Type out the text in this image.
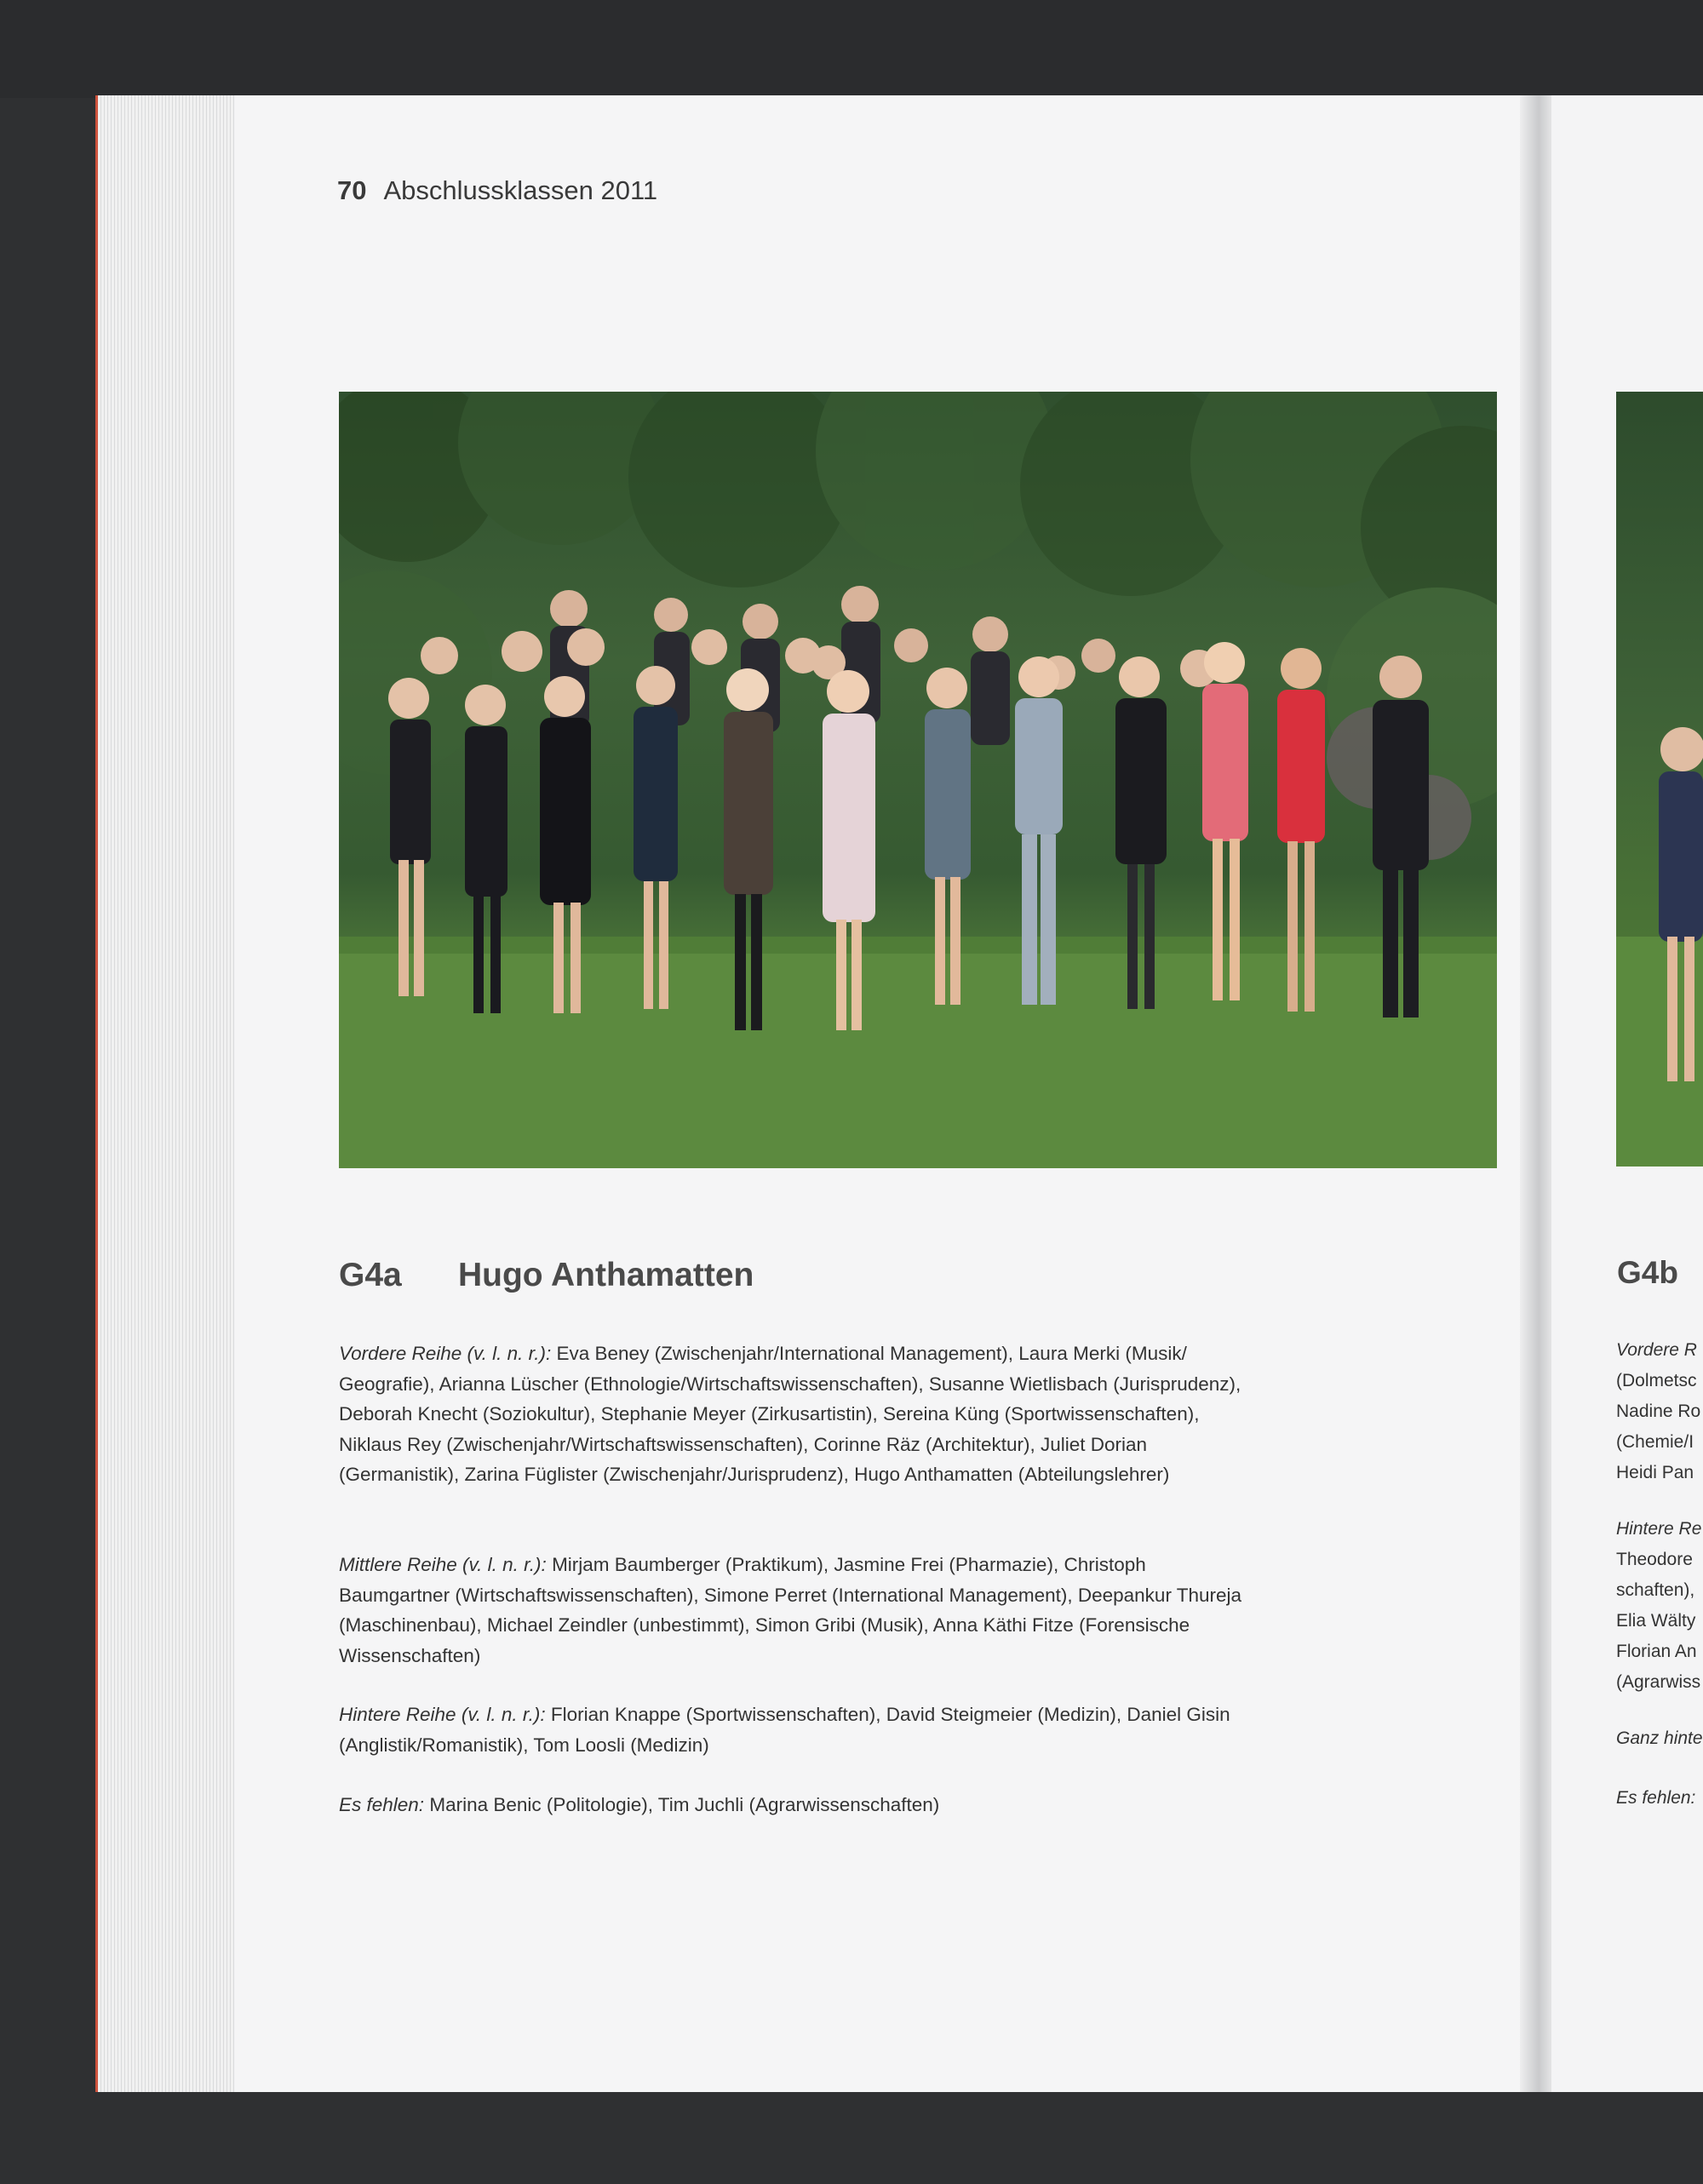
70 Abschlussklassen 2011
G4a Hugo Anthamatten
Vordere Reihe (v. l. n. r.): Eva Beney (Zwischenjahr/International Management), Laura Merki (Musik/ Geografie), Arianna Lüscher (Ethnologie/Wirtschaftswissenschaften), Susanne Wietlisbach (Jurisprudenz), Deborah Knecht (Soziokultur), Stephanie Meyer (Zirkusartistin), Sereina Küng (Sportwissenschaften), Niklaus Rey (Zwischenjahr/Wirtschaftswissenschaften), Corinne Räz (Architektur), Juliet Dorian (Germanistik), Zarina Füglister (Zwischenjahr/Jurisprudenz), Hugo Anthamatten (Abteilungslehrer)
Mittlere Reihe (v. l. n. r.): Mirjam Baumberger (Praktikum), Jasmine Frei (Pharmazie), Christoph Baumgartner (Wirtschaftswissenschaften), Simone Perret (International Management), Deepankur Thureja (Maschinenbau), Michael Zeindler (unbestimmt), Simon Gribi (Musik), Anna Käthi Fitze (Forensische Wissenschaften)
Hintere Reihe (v. l. n. r.): Florian Knappe (Sportwissenschaften), David Steigmeier (Medizin), Daniel Gisin (Anglistik/Romanistik), Tom Loosli (Medizin)
Es fehlen: Marina Benic (Politologie), Tim Juchli (Agrarwissenschaften)
G4b
Vordere R
(Dolmetsc
Nadine Ro
(Chemie/I
Heidi Pan
Hintere Re
Theodore
schaften),
Elia Wälty
Florian An
(Agrarwiss
Ganz hinte
Es fehlen:
